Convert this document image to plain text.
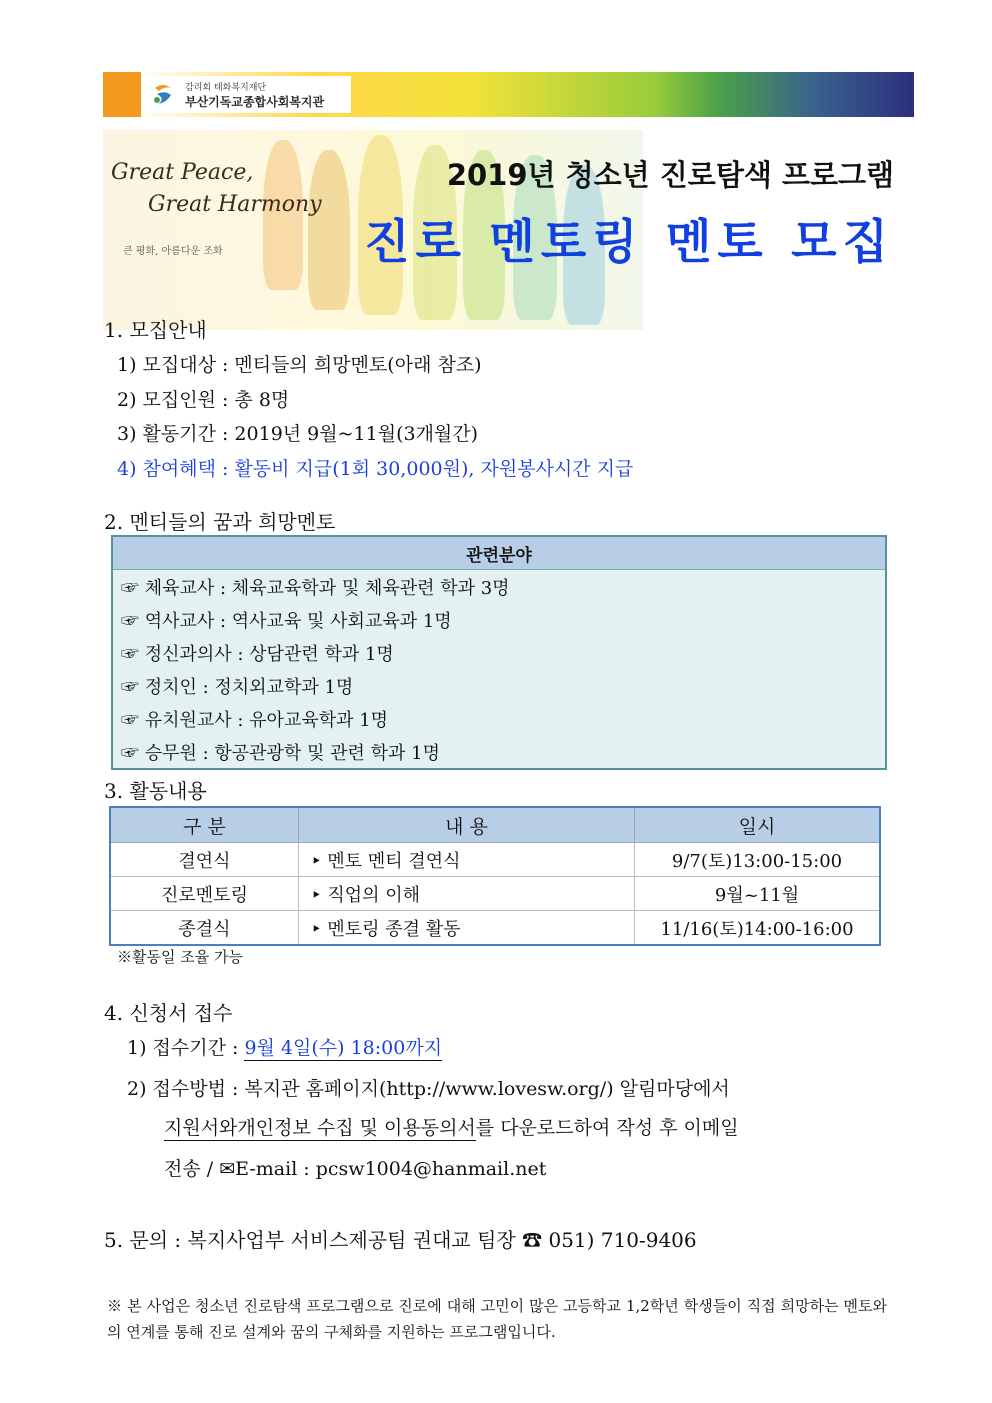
감리회 태화복지재단
부산기독교종합사회복지관
Great Peace,
Great Harmony
큰 평화, 아름다운 조화
2019년 청소년 진로탐색 프로그램
진로 멘토링 멘토 모집
1. 모집안내
1) 모집대상 : 멘티들의 희망멘토(아래 참조)
2) 모집인원 : 총 8명
3) 활동기간 : 2019년 9월~11월(3개월간)
4) 참여혜택 : 활동비 지급(1회 30,000원), 자원봉사시간 지급
2. 멘티들의 꿈과 희망멘토
관련분야
☞ 체육교사 : 체육교육학과 및 체육관련 학과 3명
☞ 역사교사 : 역사교육 및 사회교육과 1명
☞ 정신과의사 : 상담관련 학과 1명
☞ 정치인 : 정치외교학과 1명
☞ 유치원교사 : 유아교육학과 1명
☞ 승무원 : 항공관광학 및 관련 학과 1명
3. 활동내용
구 분	내 용	일시
결연식	‣ 멘토 멘티 결연식	9/7(토)13:00-15:00
진로멘토링	‣ 직업의 이해	9월~11월
종결식	‣ 멘토링 종결 활동	11/16(토)14:00-16:00
※활동일 조율 가능
4. 신청서 접수
1) 접수기간 : 9월 4일(수) 18:00까지
2) 접수방법 : 복지관 홈페이지(http://www.lovesw.org/) 알림마당에서
지원서와개인정보 수집 및 이용동의서를 다운로드하여 작성 후 이메일
전송 / ✉E-mail : pcsw1004@hanmail.net
5. 문의 : 복지사업부 서비스제공팀 권대교 팀장 ☎ 051) 710-9406
※ 본 사업은 청소년 진로탐색 프로그램으로 진로에 대해 고민이 많은 고등학교 1,2학년 학생들이 직접 희망하는 멘토와의 연계를 통해 진로 설계와 꿈의 구체화를 지원하는 프로그램입니다.
